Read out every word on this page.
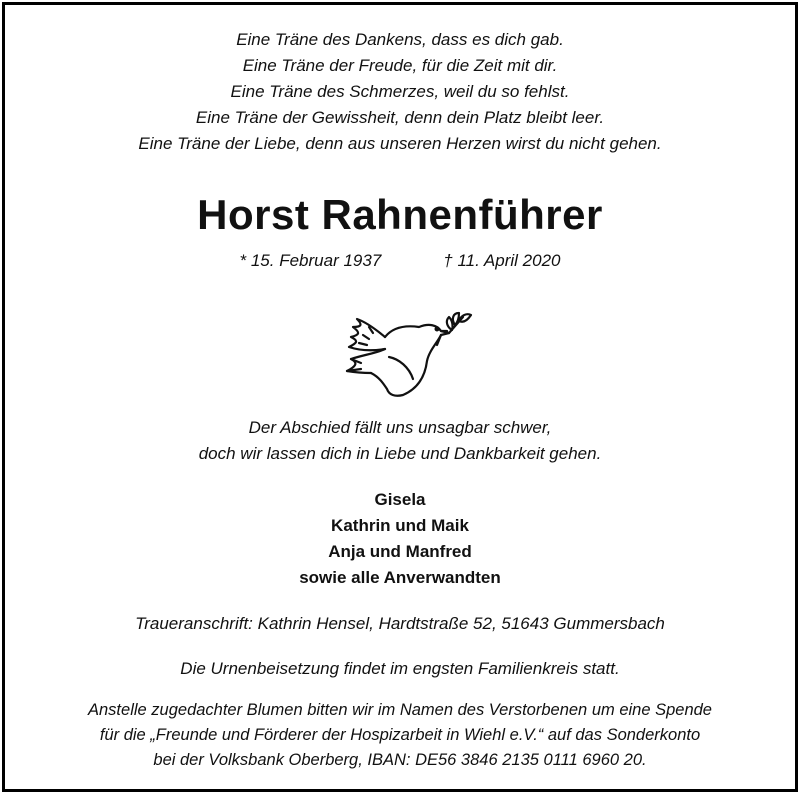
Eine Träne des Dankens, dass es dich gab.
Eine Träne der Freude, für die Zeit mit dir.
Eine Träne des Schmerzes, weil du so fehlst.
Eine Träne der Gewissheit, denn dein Platz bleibt leer.
Eine Träne der Liebe, denn aus unseren Herzen wirst du nicht gehen.
Horst Rahnenführer
* 15. Februar 1937	† 11. April 2020
Der Abschied fällt uns unsagbar schwer,
doch wir lassen dich in Liebe und Dankbarkeit gehen.
Gisela
Kathrin und Maik
Anja und Manfred
sowie alle Anverwandten
Traueranschrift: Kathrin Hensel, Hardtstraße 52, 51643 Gummersbach
Die Urnenbeisetzung findet im engsten Familienkreis statt.
Anstelle zugedachter Blumen bitten wir im Namen des Verstorbenen um eine Spende
für die „Freunde und Förderer der Hospizarbeit in Wiehl e.V.“ auf das Sonderkonto
bei der Volksbank Oberberg, IBAN: DE56 3846 2135 0111 6960 20.
